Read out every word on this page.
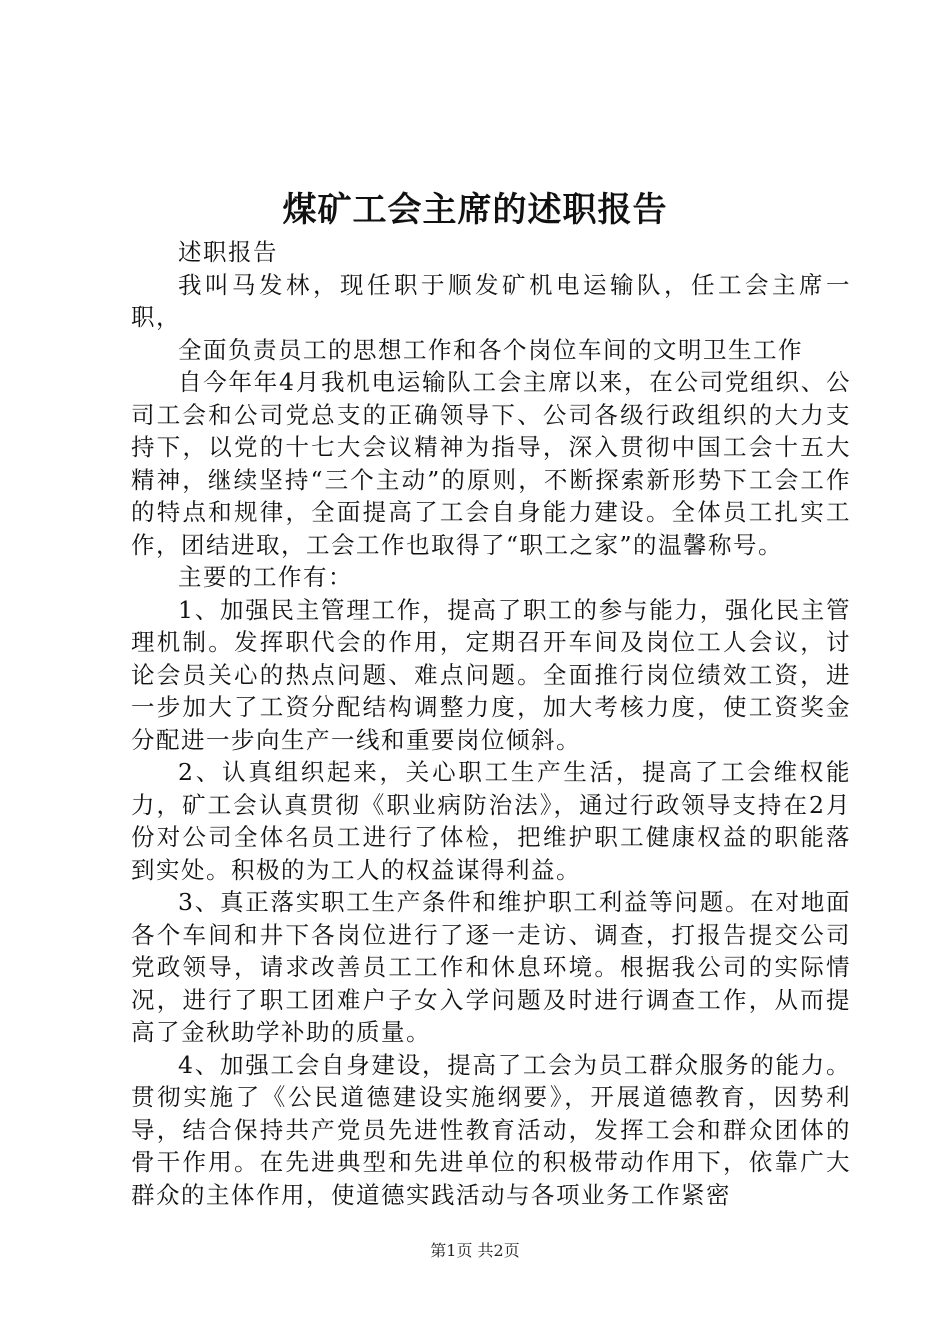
煤矿工会主席的述职报告

述职报告

我叫马发林，现任职于顺发矿机电运输队，任工会主席一职，

全面负责员工的思想工作和各个岗位车间的文明卫生工作

自今年年4月我机电运输队工会主席以来，在公司党组织、公司工会和公司党总支的正确领导下、公司各级行政组织的大力支持下，以党的十七大会议精神为指导，深入贯彻中国工会十五大精神，继续坚持“三个主动”的原则，不断探索新形势下工会工作的特点和规律，全面提高了工会自身能力建设。全体员工扎实工作，团结进取，工会工作也取得了“职工之家”的温馨称号。

主要的工作有：

1、加强民主管理工作，提高了职工的参与能力，强化民主管理机制。发挥职代会的作用，定期召开车间及岗位工人会议，讨论会员关心的热点问题、难点问题。全面推行岗位绩效工资，进一步加大了工资分配结构调整力度，加大考核力度，使工资奖金分配进一步向生产一线和重要岗位倾斜。

2、认真组织起来，关心职工生产生活，提高了工会维权能力，矿工会认真贯彻《职业病防治法》，通过行政领导支持在2月份对公司全体名员工进行了体检，把维护职工健康权益的职能落到实处。积极的为工人的权益谋得利益。

3、真正落实职工生产条件和维护职工利益等问题。在对地面各个车间和井下各岗位进行了逐一走访、调查，打报告提交公司党政领导，请求改善员工工作和休息环境。根据我公司的实际情况，进行了职工团难户子女入学问题及时进行调查工作，从而提高了金秋助学补助的质量。

4、加强工会自身建设，提高了工会为员工群众服务的能力。贯彻实施了《公民道德建设实施纲要》，开展道德教育，因势利导，结合保持共产党员先进性教育活动，发挥工会和群众团体的骨干作用。在先进典型和先进单位的积极带动作用下，依靠广大群众的主体作用，使道德实践活动与各项业务工作紧密

第1页 共2页
